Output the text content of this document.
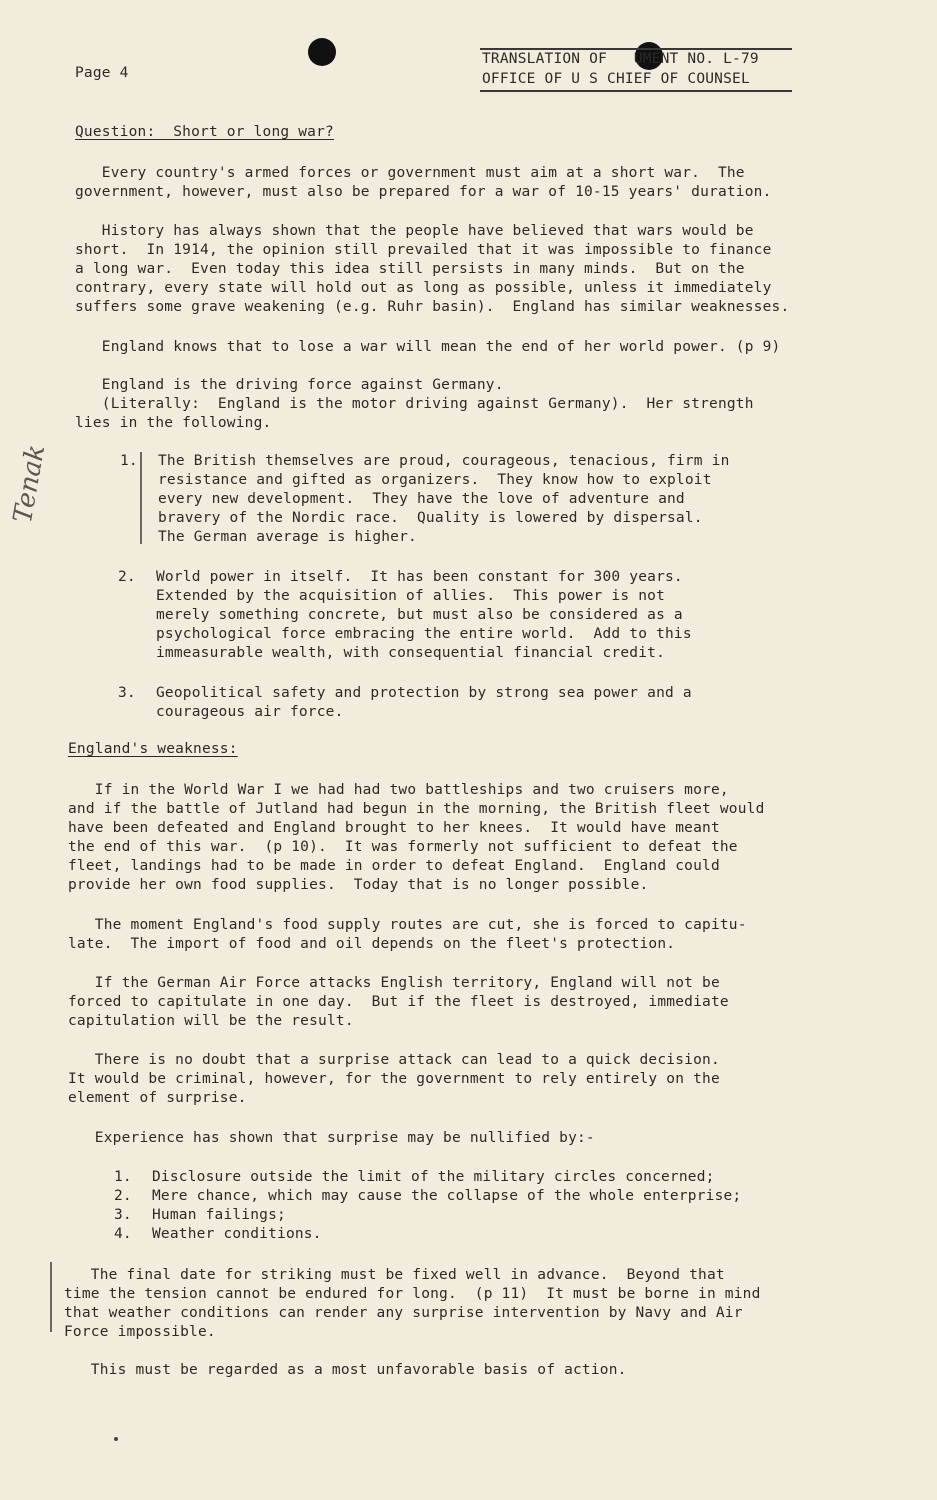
Page 4
TRANSLATION OF   UMENT NO. L-79
OFFICE OF U S CHIEF OF COUNSEL
Tenak
Question:  Short or long war?
Every country's armed forces or government must aim at a short war.  The
government, however, must also be prepared for a war of 10-15 years' duration.
History has always shown that the people have believed that wars would be
short.  In 1914, the opinion still prevailed that it was impossible to finance
a long war.  Even today this idea still persists in many minds.  But on the
contrary, every state will hold out as long as possible, unless it immediately
suffers some grave weakening (e.g. Ruhr basin).  England has similar weaknesses.
England knows that to lose a war will mean the end of her world power. (p 9)
England is the driving force against Germany.
(Literally:  England is the motor driving against Germany).  Her strength
lies in the following.
1. The British themselves are proud, courageous, tenacious, firm in
resistance and gifted as organizers.  They know how to exploit
every new development.  They have the love of adventure and
bravery of the Nordic race.  Quality is lowered by dispersal.
The German average is higher.
2. World power in itself.  It has been constant for 300 years.
Extended by the acquisition of allies.  This power is not
merely something concrete, but must also be considered as a
psychological force embracing the entire world.  Add to this
immeasurable wealth, with consequential financial credit.
3. Geopolitical safety and protection by strong sea power and a
courageous air force.
England's weakness:
If in the World War I we had had two battleships and two cruisers more,
and if the battle of Jutland had begun in the morning, the British fleet would
have been defeated and England brought to her knees.  It would have meant
the end of this war.  (p 10).  It was formerly not sufficient to defeat the
fleet, landings had to be made in order to defeat England.  England could
provide her own food supplies.  Today that is no longer possible.
The moment England's food supply routes are cut, she is forced to capitu-
late.  The import of food and oil depends on the fleet's protection.
If the German Air Force attacks English territory, England will not be
forced to capitulate in one day.  But if the fleet is destroyed, immediate
capitulation will be the result.
There is no doubt that a surprise attack can lead to a quick decision.
It would be criminal, however, for the government to rely entirely on the
element of surprise.
Experience has shown that surprise may be nullified by:-
1. Disclosure outside the limit of the military circles concerned;
2. Mere chance, which may cause the collapse of the whole enterprise;
3. Human failings;
4. Weather conditions.
The final date for striking must be fixed well in advance.  Beyond that
time the tension cannot be endured for long.  (p 11)  It must be borne in mind
that weather conditions can render any surprise intervention by Navy and Air
Force impossible.
This must be regarded as a most unfavorable basis of action.
